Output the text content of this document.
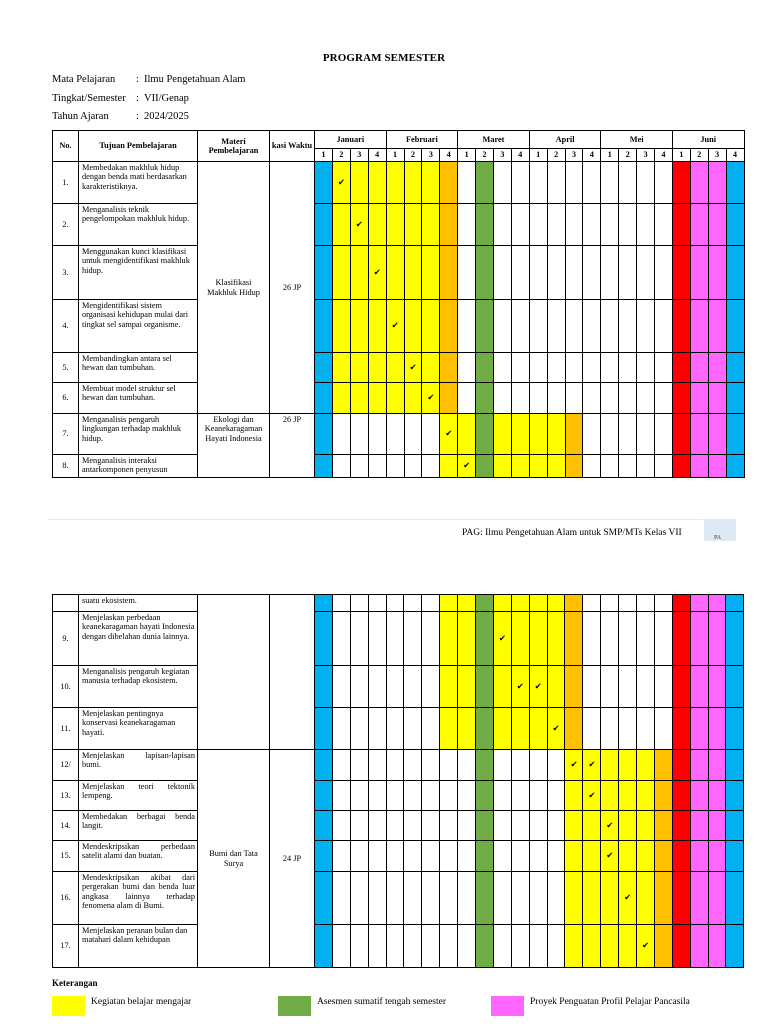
PROGRAM SEMESTER
Mata Pelajaran : Ilmu Pengetahuan Alam
Tingkat/Semester : VII/Genap
Tahun Ajaran	: 2024/2025
No.	Tujuan Pembelajaran	Materi Pembelajaran	kasi Waktu	Januari				Februari				Maret				April				Mei				Juni			
				1	2	3	4	1	2	3	4	1	2	3	4	1	2	3	4	1	2	3	4	1	2	3	4
1.	Membedakan makhluk hidup dengan benda mati berdasarkan karakteristiknya.	Klasifikasi Makhluk Hidup	26 JP		✔																						
2.	Menganalisis teknik pengelompokan makhluk hidup.					✔																					
3.	Menggunakan kunci klasifikasi untuk mengidentifikasi makhluk hidup.						✔																				
4.	Mengidentifikasi sistem organisasi kehidupan mulai dari tingkat sel sampai organisme.							✔																			
5.	Membandingkan antara sel hewan dan tumbuhan.								✔																		
6.	Membuat model struktur sel hewan dan tumbuhan.									✔																	
7.	Menganalisis pengaruh lingkungan terhadap makhluk hidup.	Ekologi dan Keanekaragaman Hayati Indonesia	26 JP								✔																
8.	Menganalisis interaksi antarkomponen penyusun											✔															
PAG: Ilmu Pengetahuan Alam untuk SMP/MTs Kelas VII	PA
	suatu ekosistem.																										
9.	Menjelaskan perbedaan keanekaragaman hayati Indonesia dengan dibelahan dunia lainnya.													✔													
10.	Menganalisis pengaruh kegiatan manusia terhadap ekosistem.														✔	✔											
11.	Menjelaskan pentingnya konservasi keanekaragaman hayati.																✔										
12/	Menjelaskan lapisan-lapisan bumi.	Bumi dan Tata Surya	24 JP															✔	✔								
13.	Menjelaskan teori tektonik lempeng.																		✔								
14.	Membedakan berbagai benda langit.																			✔							
15.	Mendeskripsikan perbedaan satelit alami dan buatan.																			✔							
16.	Mendeskripsikan akibat dari pergerakan bumi dan benda luar angkasa lainnya terhadap fenomena alam di Bumi.																				✔						
17.	Menjelaskan peranan bulan dan matahari dalam kehidupan																					✔					
Keterangan
Kegiatan belajar mengajar	Asesmen sumatif tengah semester	Proyek Penguatan Profil Pelajar Pancasila
